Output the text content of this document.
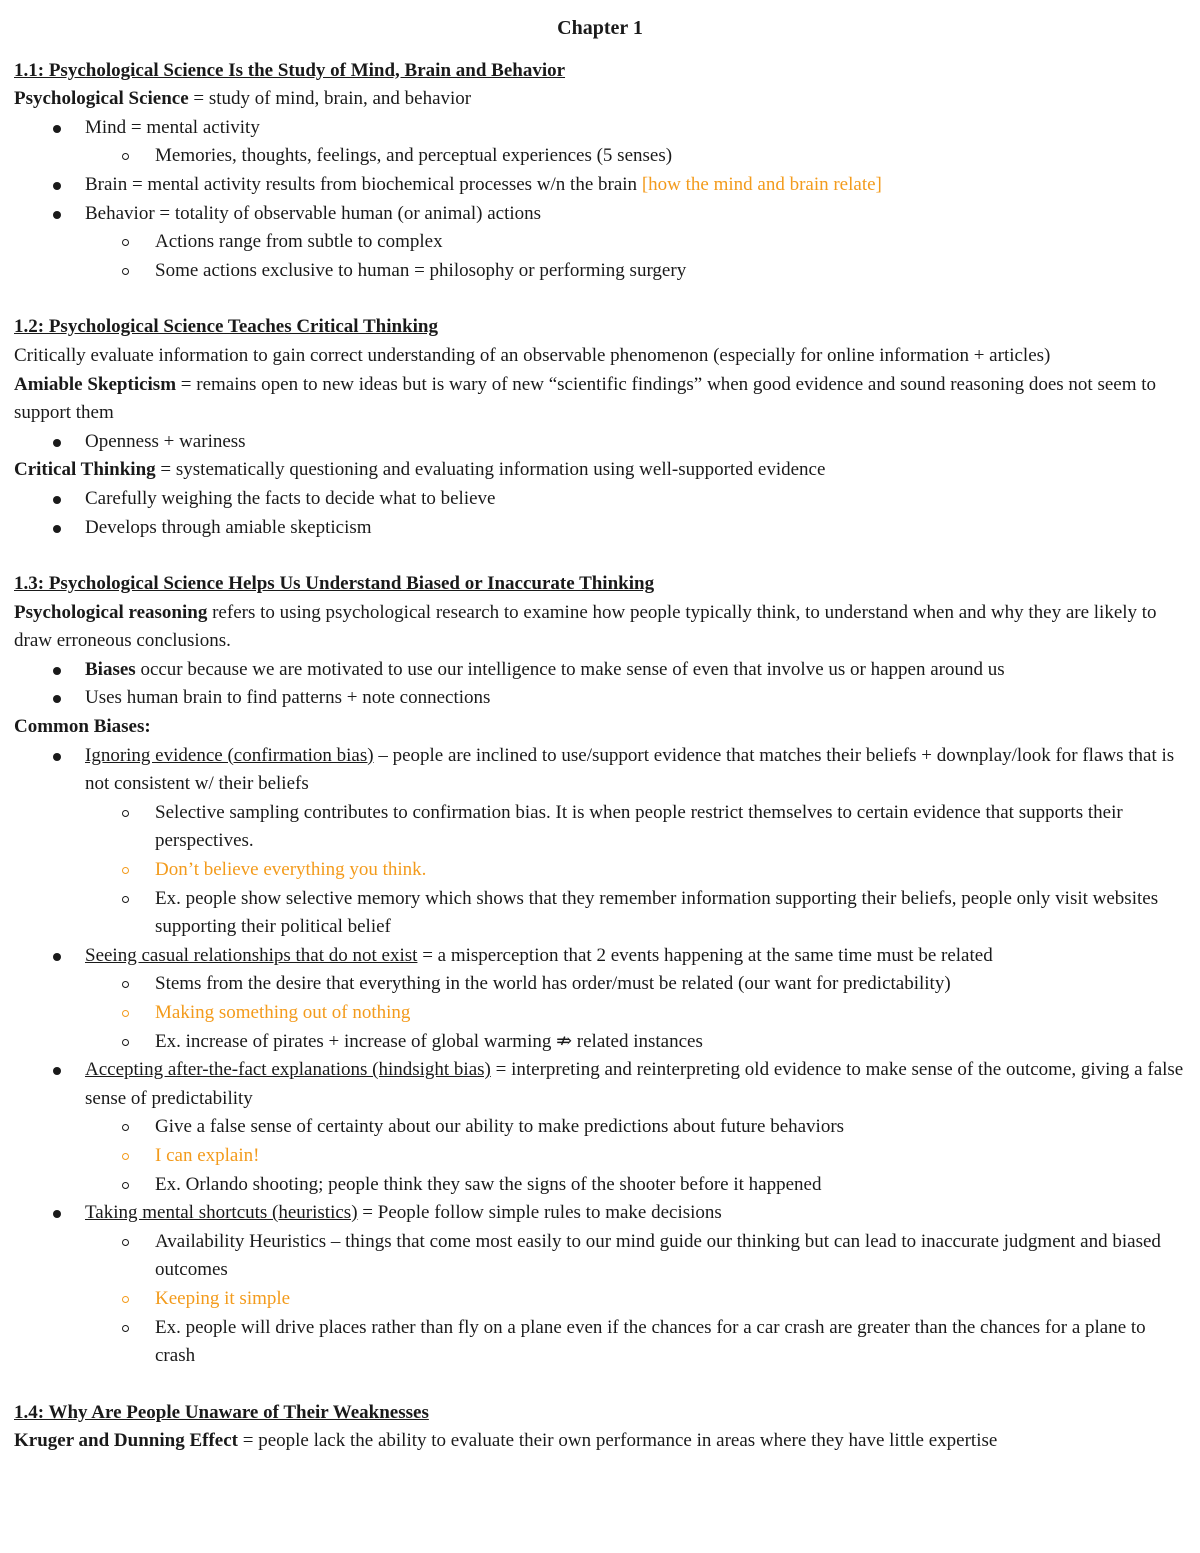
Chapter 1

1.1: Psychological Science Is the Study of Mind, Brain and Behavior

Psychological Science = study of mind, brain, and behavior

Mind = mental activity
Memories, thoughts, feelings, and perceptual experiences (5 senses)
Brain = mental activity results from biochemical processes w/n the brain [how the mind and brain relate]
Behavior = totality of observable human (or animal) actions
Actions range from subtle to complex
Some actions exclusive to human = philosophy or performing surgery

1.2: Psychological Science Teaches Critical Thinking

Critically evaluate information to gain correct understanding of an observable phenomenon (especially for online information + articles)

Amiable Skepticism = remains open to new ideas but is wary of new “scientific findings” when good evidence and sound reasoning does not seem to support them

Openness + wariness

Critical Thinking = systematically questioning and evaluating information using well-supported evidence

Carefully weighing the facts to decide what to believe
Develops through amiable skepticism

1.3: Psychological Science Helps Us Understand Biased or Inaccurate Thinking

Psychological reasoning refers to using psychological research to examine how people typically think, to understand when and why they are likely to draw erroneous conclusions.

Biases occur because we are motivated to use our intelligence to make sense of even that involve us or happen around us
Uses human brain to find patterns + note connections

Common Biases:

Ignoring evidence (confirmation bias) – people are inclined to use/support evidence that matches their beliefs + downplay/look for flaws that is not consistent w/ their beliefs
Selective sampling contributes to confirmation bias. It is when people restrict themselves to certain evidence that supports their perspectives.
Don’t believe everything you think.
Ex. people show selective memory which shows that they remember information supporting their beliefs, people only visit websites supporting their political belief
Seeing casual relationships that do not exist = a misperception that 2 events happening at the same time must be related
Stems from the desire that everything in the world has order/must be related (our want for predictability)
Making something out of nothing
Ex. increase of pirates + increase of global warming ⇏ related instances
Accepting after-the-fact explanations (hindsight bias) = interpreting and reinterpreting old evidence to make sense of the outcome, giving a false sense of predictability
Give a false sense of certainty about our ability to make predictions about future behaviors
I can explain!
Ex. Orlando shooting; people think they saw the signs of the shooter before it happened
Taking mental shortcuts (heuristics) = People follow simple rules to make decisions
Availability Heuristics – things that come most easily to our mind guide our thinking but can lead to inaccurate judgment and biased outcomes
Keeping it simple
Ex. people will drive places rather than fly on a plane even if the chances for a car crash are greater than the chances for a plane to crash

1.4: Why Are People Unaware of Their Weaknesses

Kruger and Dunning Effect = people lack the ability to evaluate their own performance in areas where they have little expertise
